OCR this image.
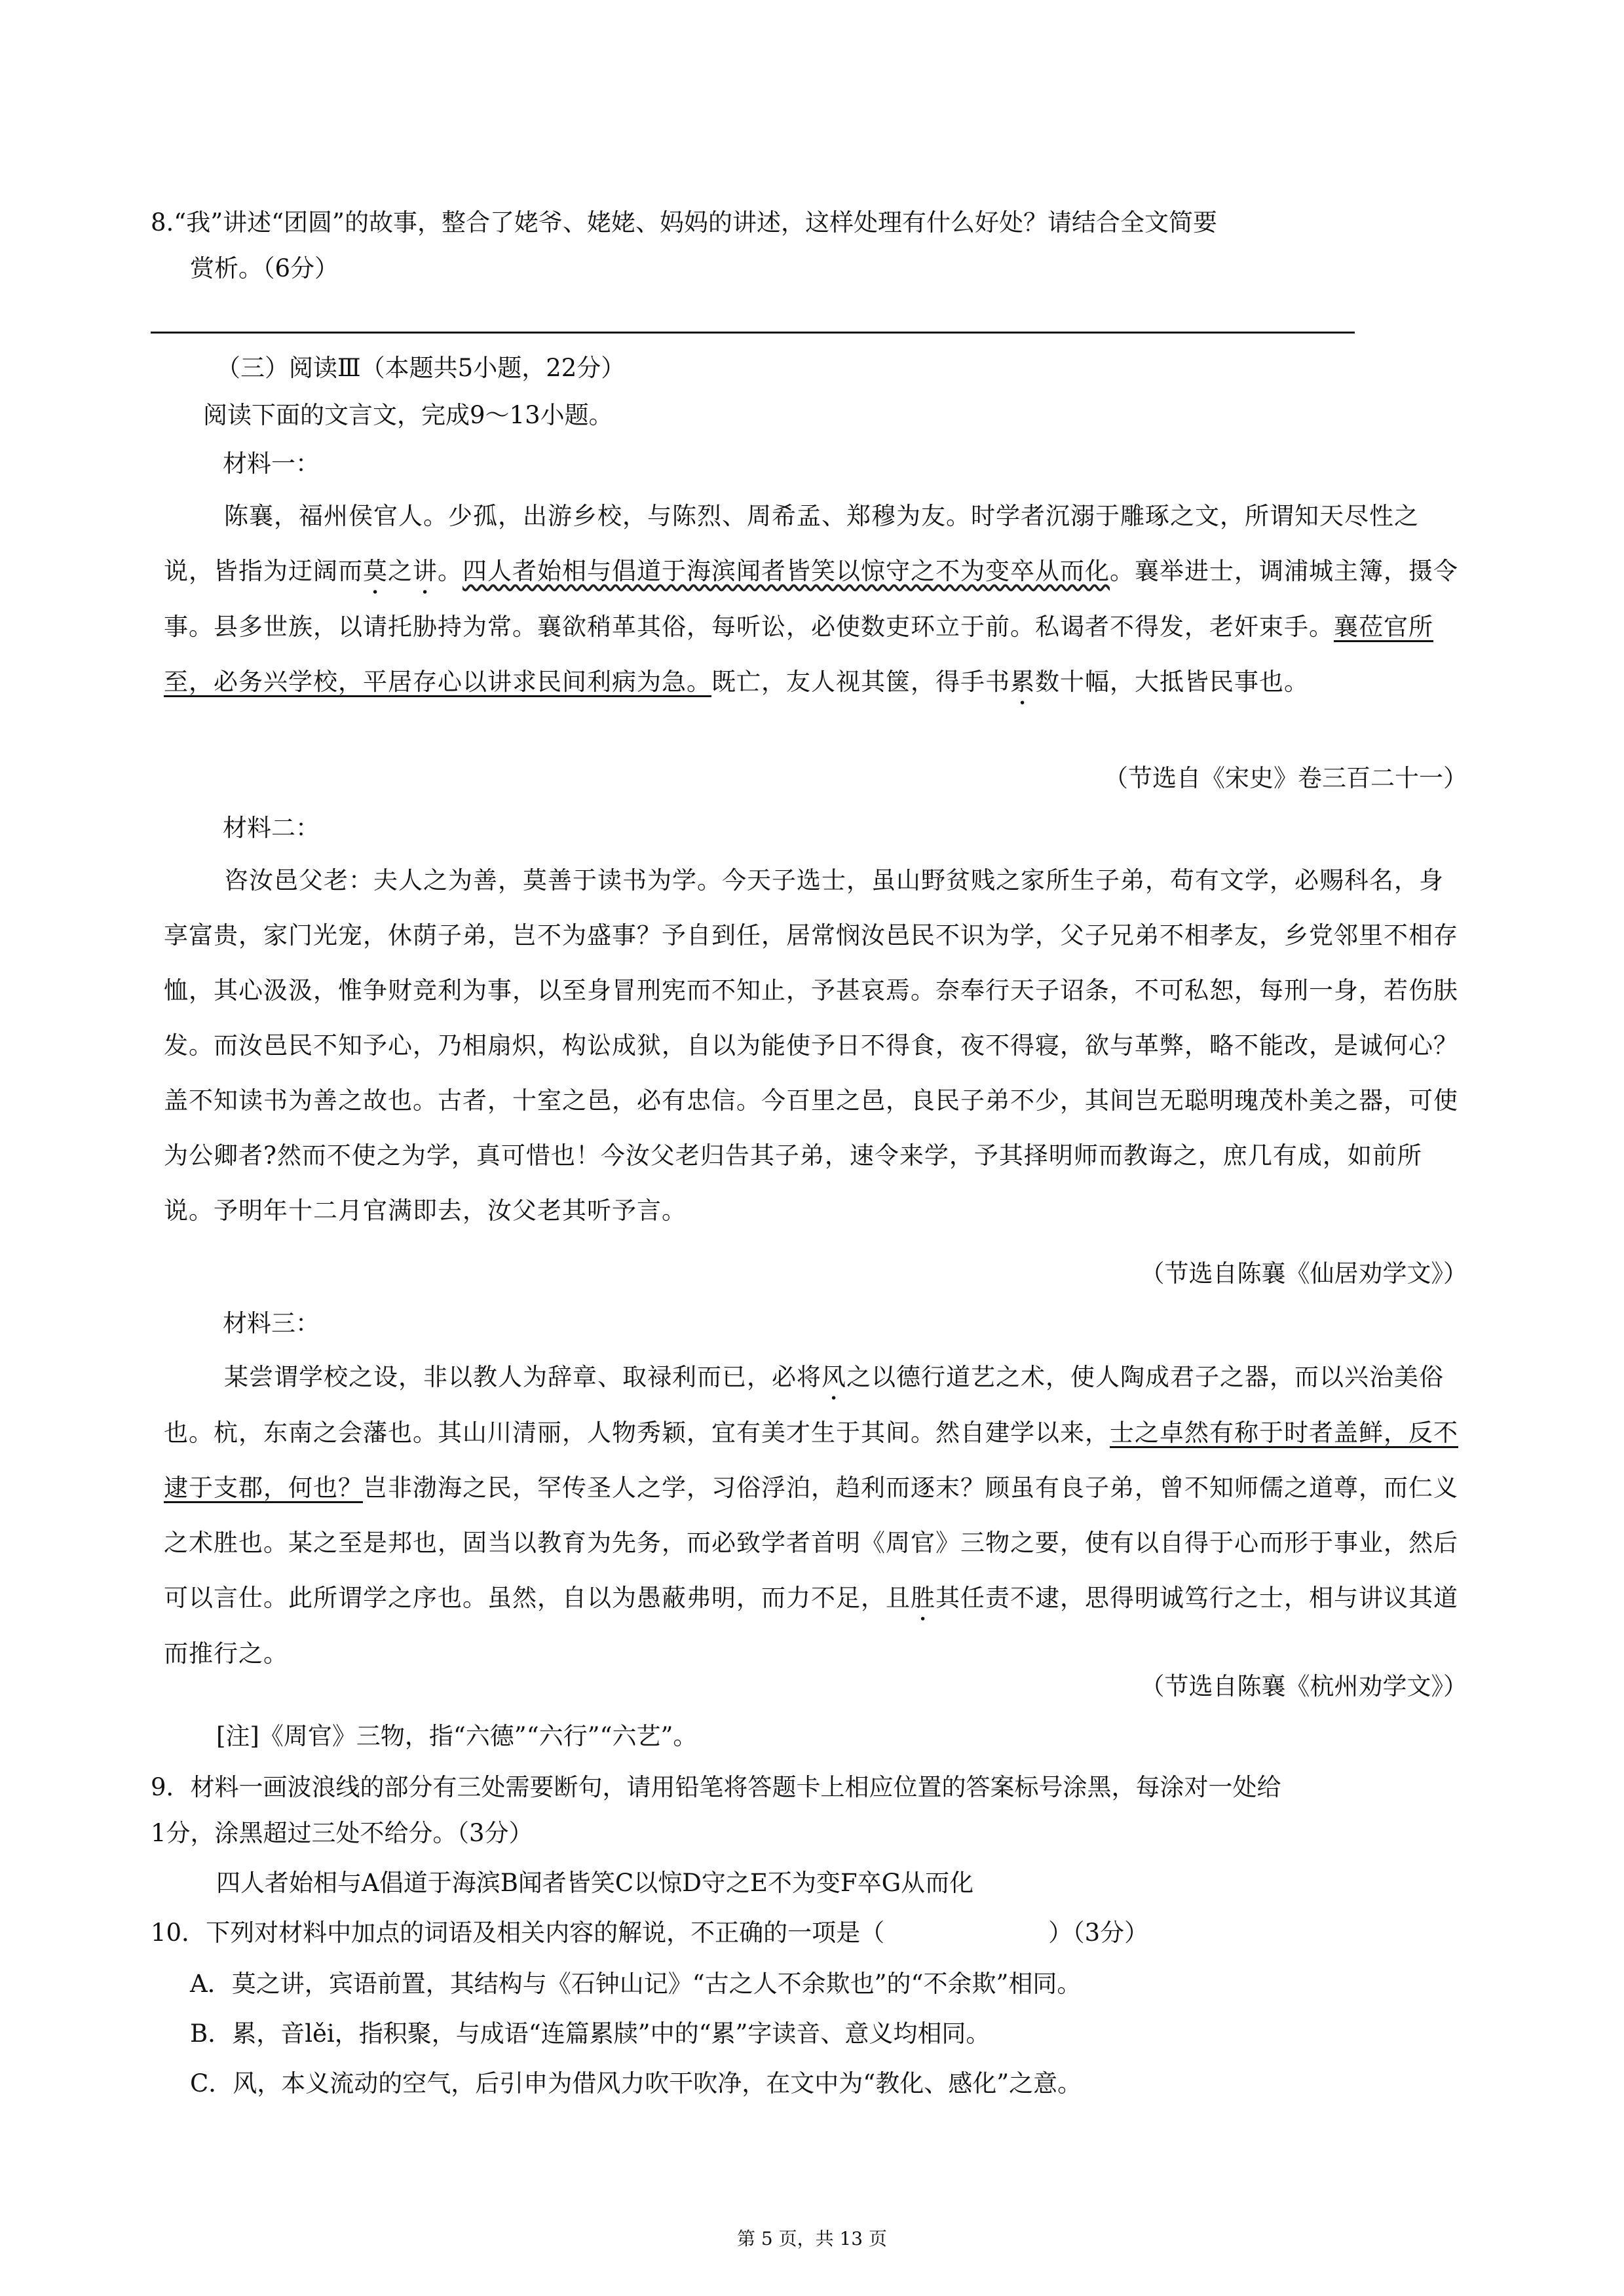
8.“我”讲述“团圆”的故事，整合了姥爷、姥姥、妈妈的讲述，这样处理有什么好处？请结合全文简要
赏析。（6分）
（三）阅读Ⅲ（本题共5小题，22分）
阅读下面的文言文，完成9～13小题。
材料一：
陈襄，福州侯官人。少孤，出游乡校，与陈烈、周希孟、郑穆为友。时学者沉溺于雕琢之文，所谓知天尽性之说，皆指为迂阔而莫之讲。四人者始相与倡道于海滨闻者皆笑以惊守之不为变卒从而化。襄举进士，调浦城主簿，摄令事。县多世族，以请托胁持为常。襄欲稍革其俗，每听讼，必使数吏环立于前。私谒者不得发，老奸束手。襄莅官所至，必务兴学校，平居存心以讲求民间利病为急。既亡，友人视其箧，得手书累数十幅，大抵皆民事也。
（节选自《宋史》卷三百二十一）
材料二：
咨汝邑父老：夫人之为善，莫善于读书为学。今天子选士，虽山野贫贱之家所生子弟，苟有文学，必赐科名，身享富贵，家门光宠，休荫子弟，岂不为盛事？予自到任，居常悯汝邑民不识为学，父子兄弟不相孝友，乡党邻里不相存恤，其心汲汲，惟争财竞利为事，以至身冒刑宪而不知止，予甚哀焉。奈奉行天子诏条，不可私恕，每刑一身，若伤肤发。而汝邑民不知予心，乃相扇炽，构讼成狱，自以为能使予日不得食，夜不得寝，欲与革弊，略不能改，是诚何心？盖不知读书为善之故也。古者，十室之邑，必有忠信。今百里之邑，良民子弟不少，其间岂无聪明瑰茂朴美之器，可使为公卿者?然而不使之为学，真可惜也！今汝父老归告其子弟，速令来学，予其择明师而教诲之，庶几有成，如前所说。予明年十二月官满即去，汝父老其听予言。
（节选自陈襄《仙居劝学文》）
材料三：
某尝谓学校之设，非以教人为辞章、取禄利而已，必将风之以德行道艺之术，使人陶成君子之器，而以兴治美俗也。杭，东南之会藩也。其山川清丽，人物秀颖，宜有美才生于其间。然自建学以来，士之卓然有称于时者盖鲜，反不逮于支郡，何也？岂非渤海之民，罕传圣人之学，习俗浮泊，趋利而逐末？顾虽有良子弟，曾不知师儒之道尊，而仁义之术胜也。某之至是邦也，固当以教育为先务，而必致学者首明《周官》三物之要，使有以自得于心而形于事业，然后可以言仕。此所谓学之序也。虽然，自以为愚蔽弗明，而力不足，且胜其任责不逮，思得明诚笃行之士，相与讲议其道而推行之。
（节选自陈襄《杭州劝学文》）
[注]《周官》三物，指“六德”“六行”“六艺”。
9．材料一画波浪线的部分有三处需要断句，请用铅笔将答题卡上相应位置的答案标号涂黑，每涂对一处给
1分，涂黑超过三处不给分。（3分）
四人者始相与A倡道于海滨B闻者皆笑C以惊D守之E不为变F卒G从而化
10．下列对材料中加点的词语及相关内容的解说，不正确的一项是（	）（3分）
A．莫之讲，宾语前置，其结构与《石钟山记》“古之人不余欺也”的“不余欺”相同。
B．累，音lěi，指积聚，与成语“连篇累牍”中的“累”字读音、意义均相同。
C．风，本义流动的空气，后引申为借风力吹干吹净，在文中为“教化、感化”之意。
第 5 页，共 13 页
